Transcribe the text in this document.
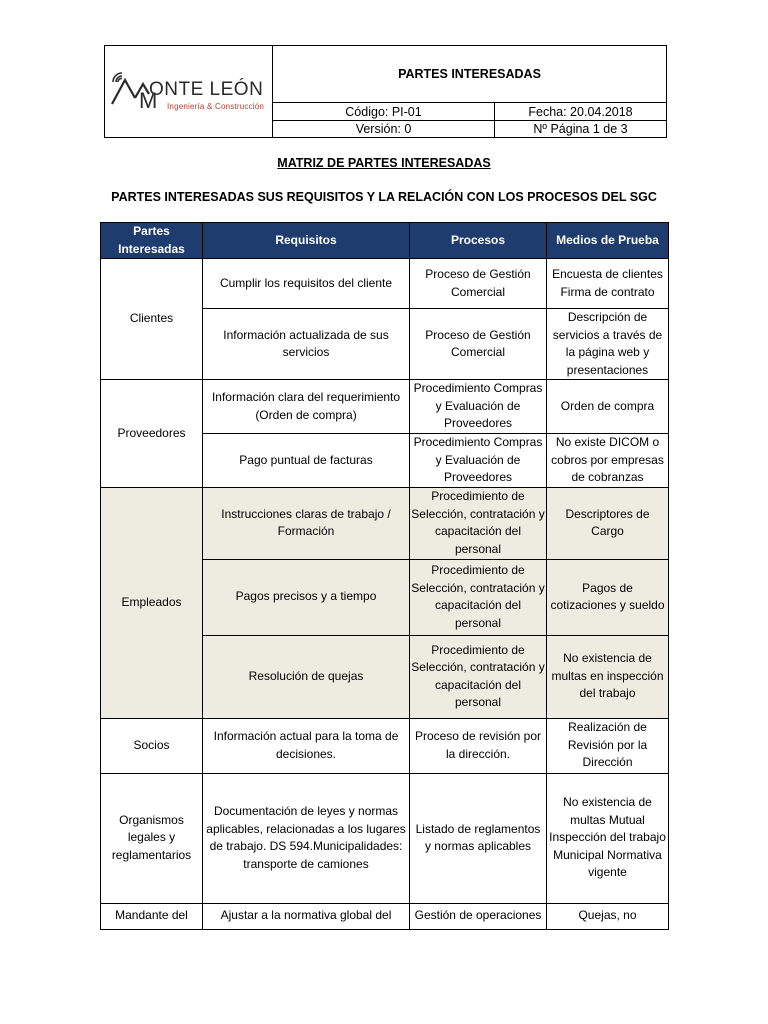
M
ONTE LEÓN
Ingeniería & Construcción
PARTES INTERESADAS
Código: PI-01	Fecha: 20.04.2018
Versión: 0	Nº Página 1 de 3
MATRIZ DE PARTES INTERESADAS
PARTES INTERESADAS SUS REQUISITOS Y LA RELACIÓN CON LOS PROCESOS DEL SGC
Partes Interesadas	Requisitos	Procesos	Medios de Prueba
Clientes	Cumplir los requisitos del cliente	Proceso de Gestión Comercial	Encuesta de clientes Firma de contrato
	Información actualizada de sus servicios	Proceso de Gestión Comercial	Descripción de servicios a través de la página web y presentaciones
Proveedores	Información clara del requerimiento (Orden de compra)	Procedimiento Compras y Evaluación de Proveedores	Orden de compra
	Pago puntual de facturas	Procedimiento Compras y Evaluación de Proveedores	No existe DICOM o cobros por empresas de cobranzas
Empleados	Instrucciones claras de trabajo / Formación	Procedimiento de Selección, contratación y capacitación del personal	Descriptores de Cargo
	Pagos precisos y a tiempo	Procedimiento de Selección, contratación y capacitación del personal	Pagos de cotizaciones y sueldo
	Resolución de quejas	Procedimiento de Selección, contratación y capacitación del personal	No existencia de multas en inspección del trabajo
Socios	Información actual para la toma de decisiones.	Proceso de revisión por la dirección.	Realización de Revisión por la Dirección
Organismos legales y reglamentarios	Documentación de leyes y normas aplicables, relacionadas a los lugares de trabajo. DS 594.Municipalidades: transporte de camiones	Listado de reglamentos y normas aplicables	No existencia de multas Mutual Inspección del trabajo Municipal Normativa vigente
Mandante del	Ajustar a la normativa global del	Gestión de operaciones	Quejas, no
